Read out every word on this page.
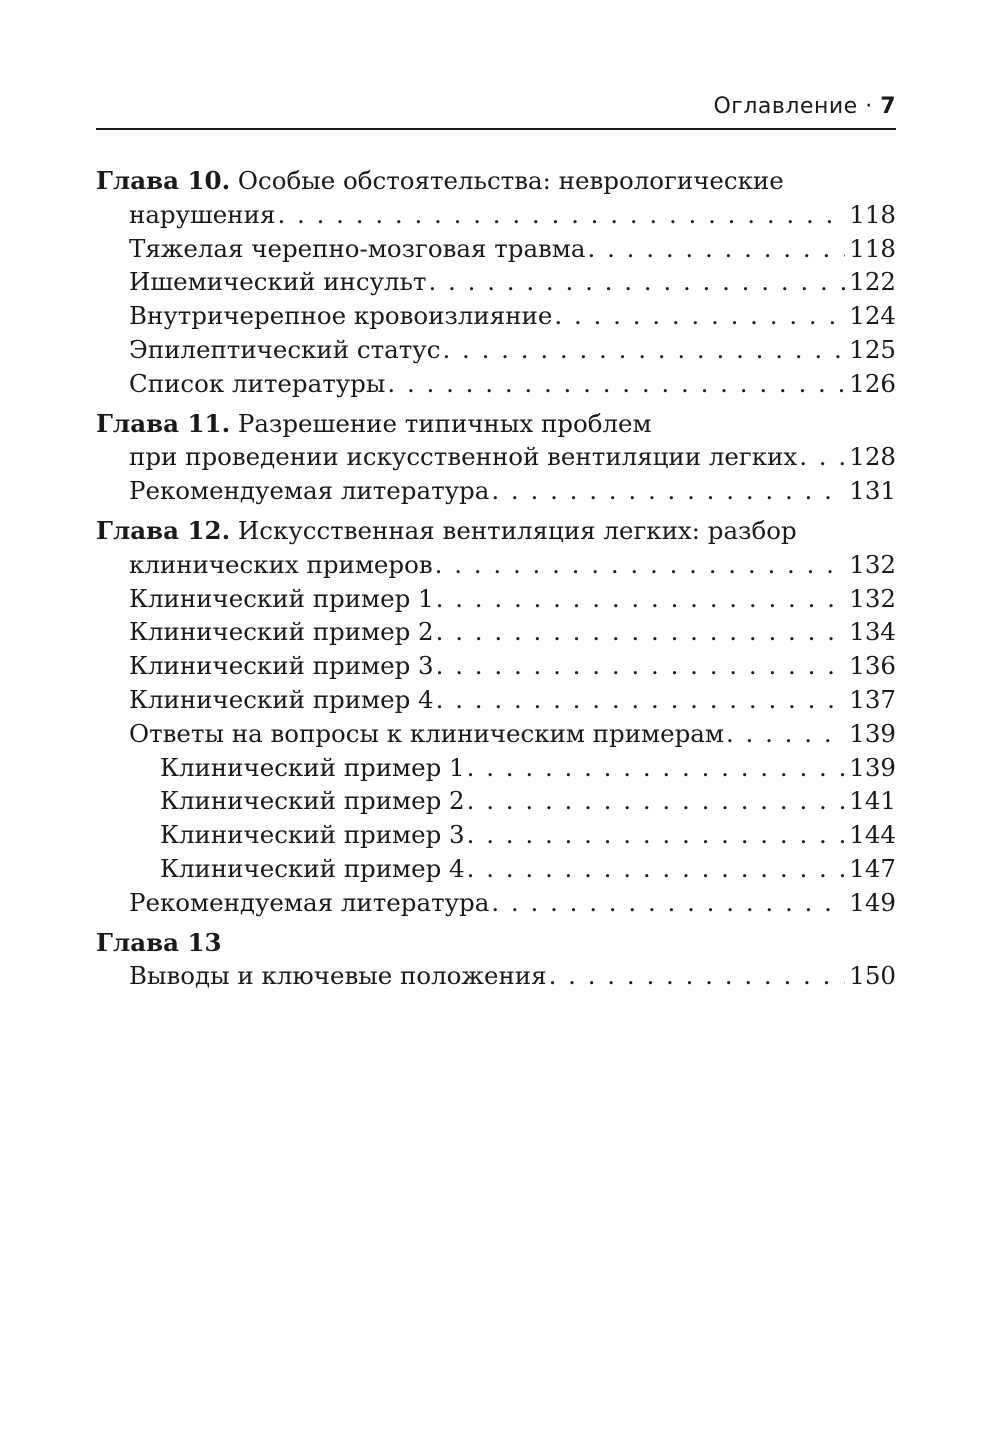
Оглавление · 7
Глава 10. Особые обстоятельства: неврологические
нарушения . . .	118
Тяжелая черепно-мозговая травма . . .	118
Ишемический инсульт . . .	122
Внутричерепное кровоизлияние . . .	124
Эпилептический статус . . .	125
Список литературы . . .	126
Глава 11. Разрешение типичных проблем
при проведении искусственной вентиляции легких . . . 128
Рекомендуемая литература . . .	131
Глава 12. Искусственная вентиляция легких: разбор
клинических примеров . . .	132
Клинический пример 1 . . .	132
Клинический пример 2 . . .	134
Клинический пример 3 . . .	136
Клинический пример 4 . . .	137
Ответы на вопросы к клиническим примерам . . .	139
Клинический пример 1 . . .	139
Клинический пример 2 . . .	141
Клинический пример 3 . . .	144
Клинический пример 4 . . .	147
Рекомендуемая литература . . .	149
Глава 13
Выводы и ключевые положения . . .	150
